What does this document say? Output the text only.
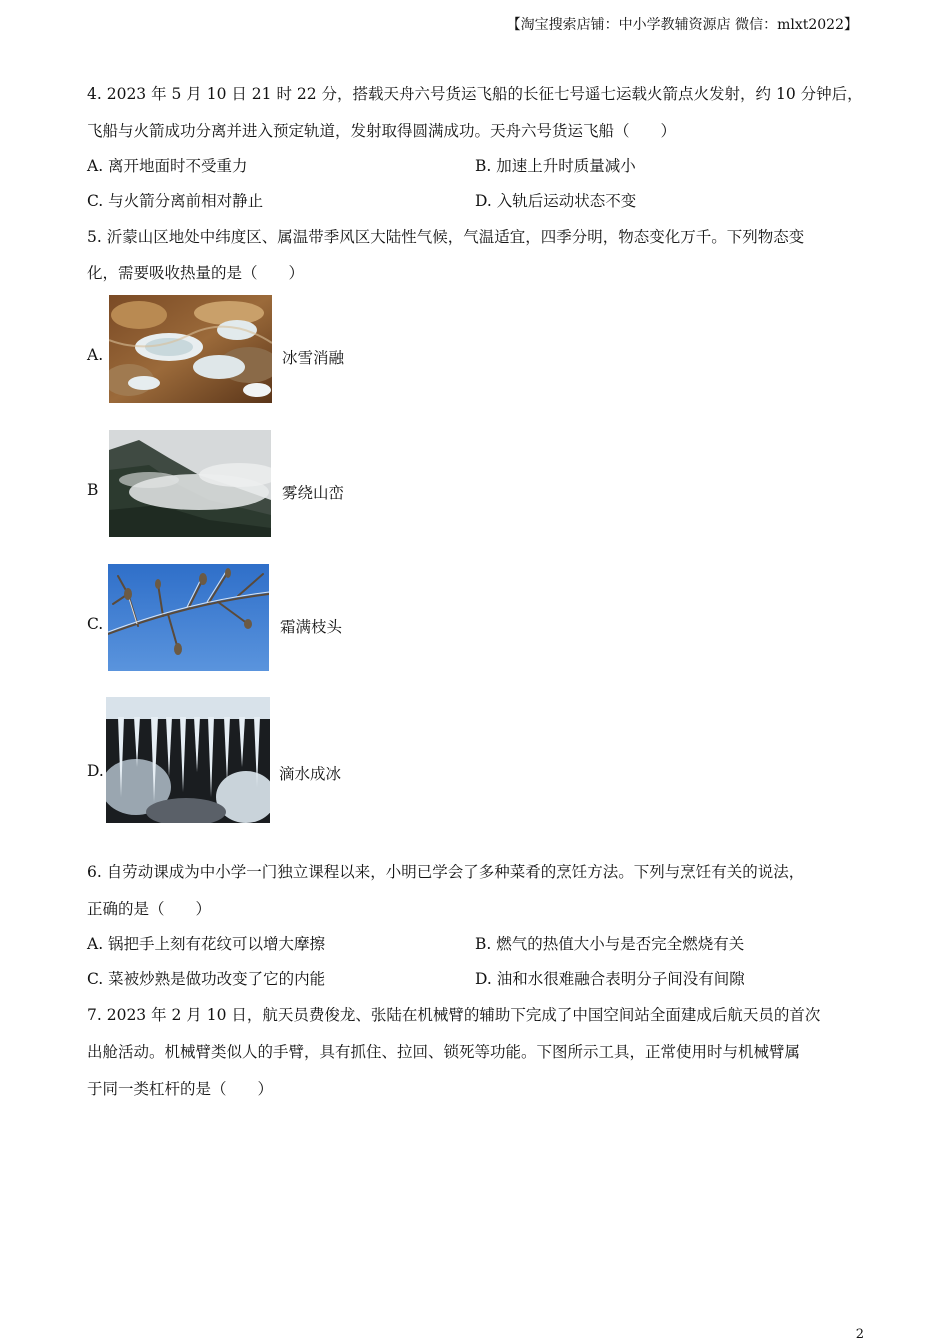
【淘宝搜索店铺：中小学教辅资源店 微信：mlxt2022】
4. 2023 年 5 月 10 日 21 时 22 分，搭载天舟六号货运飞船的长征七号遥七运载火箭点火发射，约 10 分钟后，
飞船与火箭成功分离并进入预定轨道，发射取得圆满成功。天舟六号货运飞船（　　）
A. 离开地面时不受重力	B. 加速上升时质量减小
C. 与火箭分离前相对静止	D. 入轨后运动状态不变
5. 沂蒙山区地处中纬度区、属温带季风区大陆性气候，气温适宜，四季分明，物态变化万千。下列物态变
化，需要吸收热量的是（　　）
A.	冰雪消融
B	雾绕山峦
C.	霜满枝头
D.	滴水成冰
6. 自劳动课成为中小学一门独立课程以来，小明已学会了多种菜肴的烹饪方法。下列与烹饪有关的说法，
正确的是（　　）
A. 锅把手上刻有花纹可以增大摩擦	B. 燃气的热值大小与是否完全燃烧有关
C. 菜被炒熟是做功改变了它的内能	D. 油和水很难融合表明分子间没有间隙
7. 2023 年 2 月 10 日，航天员费俊龙、张陆在机械臂的辅助下完成了中国空间站全面建成后航天员的首次
出舱活动。机械臂类似人的手臂，具有抓住、拉回、锁死等功能。下图所示工具，正常使用时与机械臂属
于同一类杠杆的是（　　）
2
